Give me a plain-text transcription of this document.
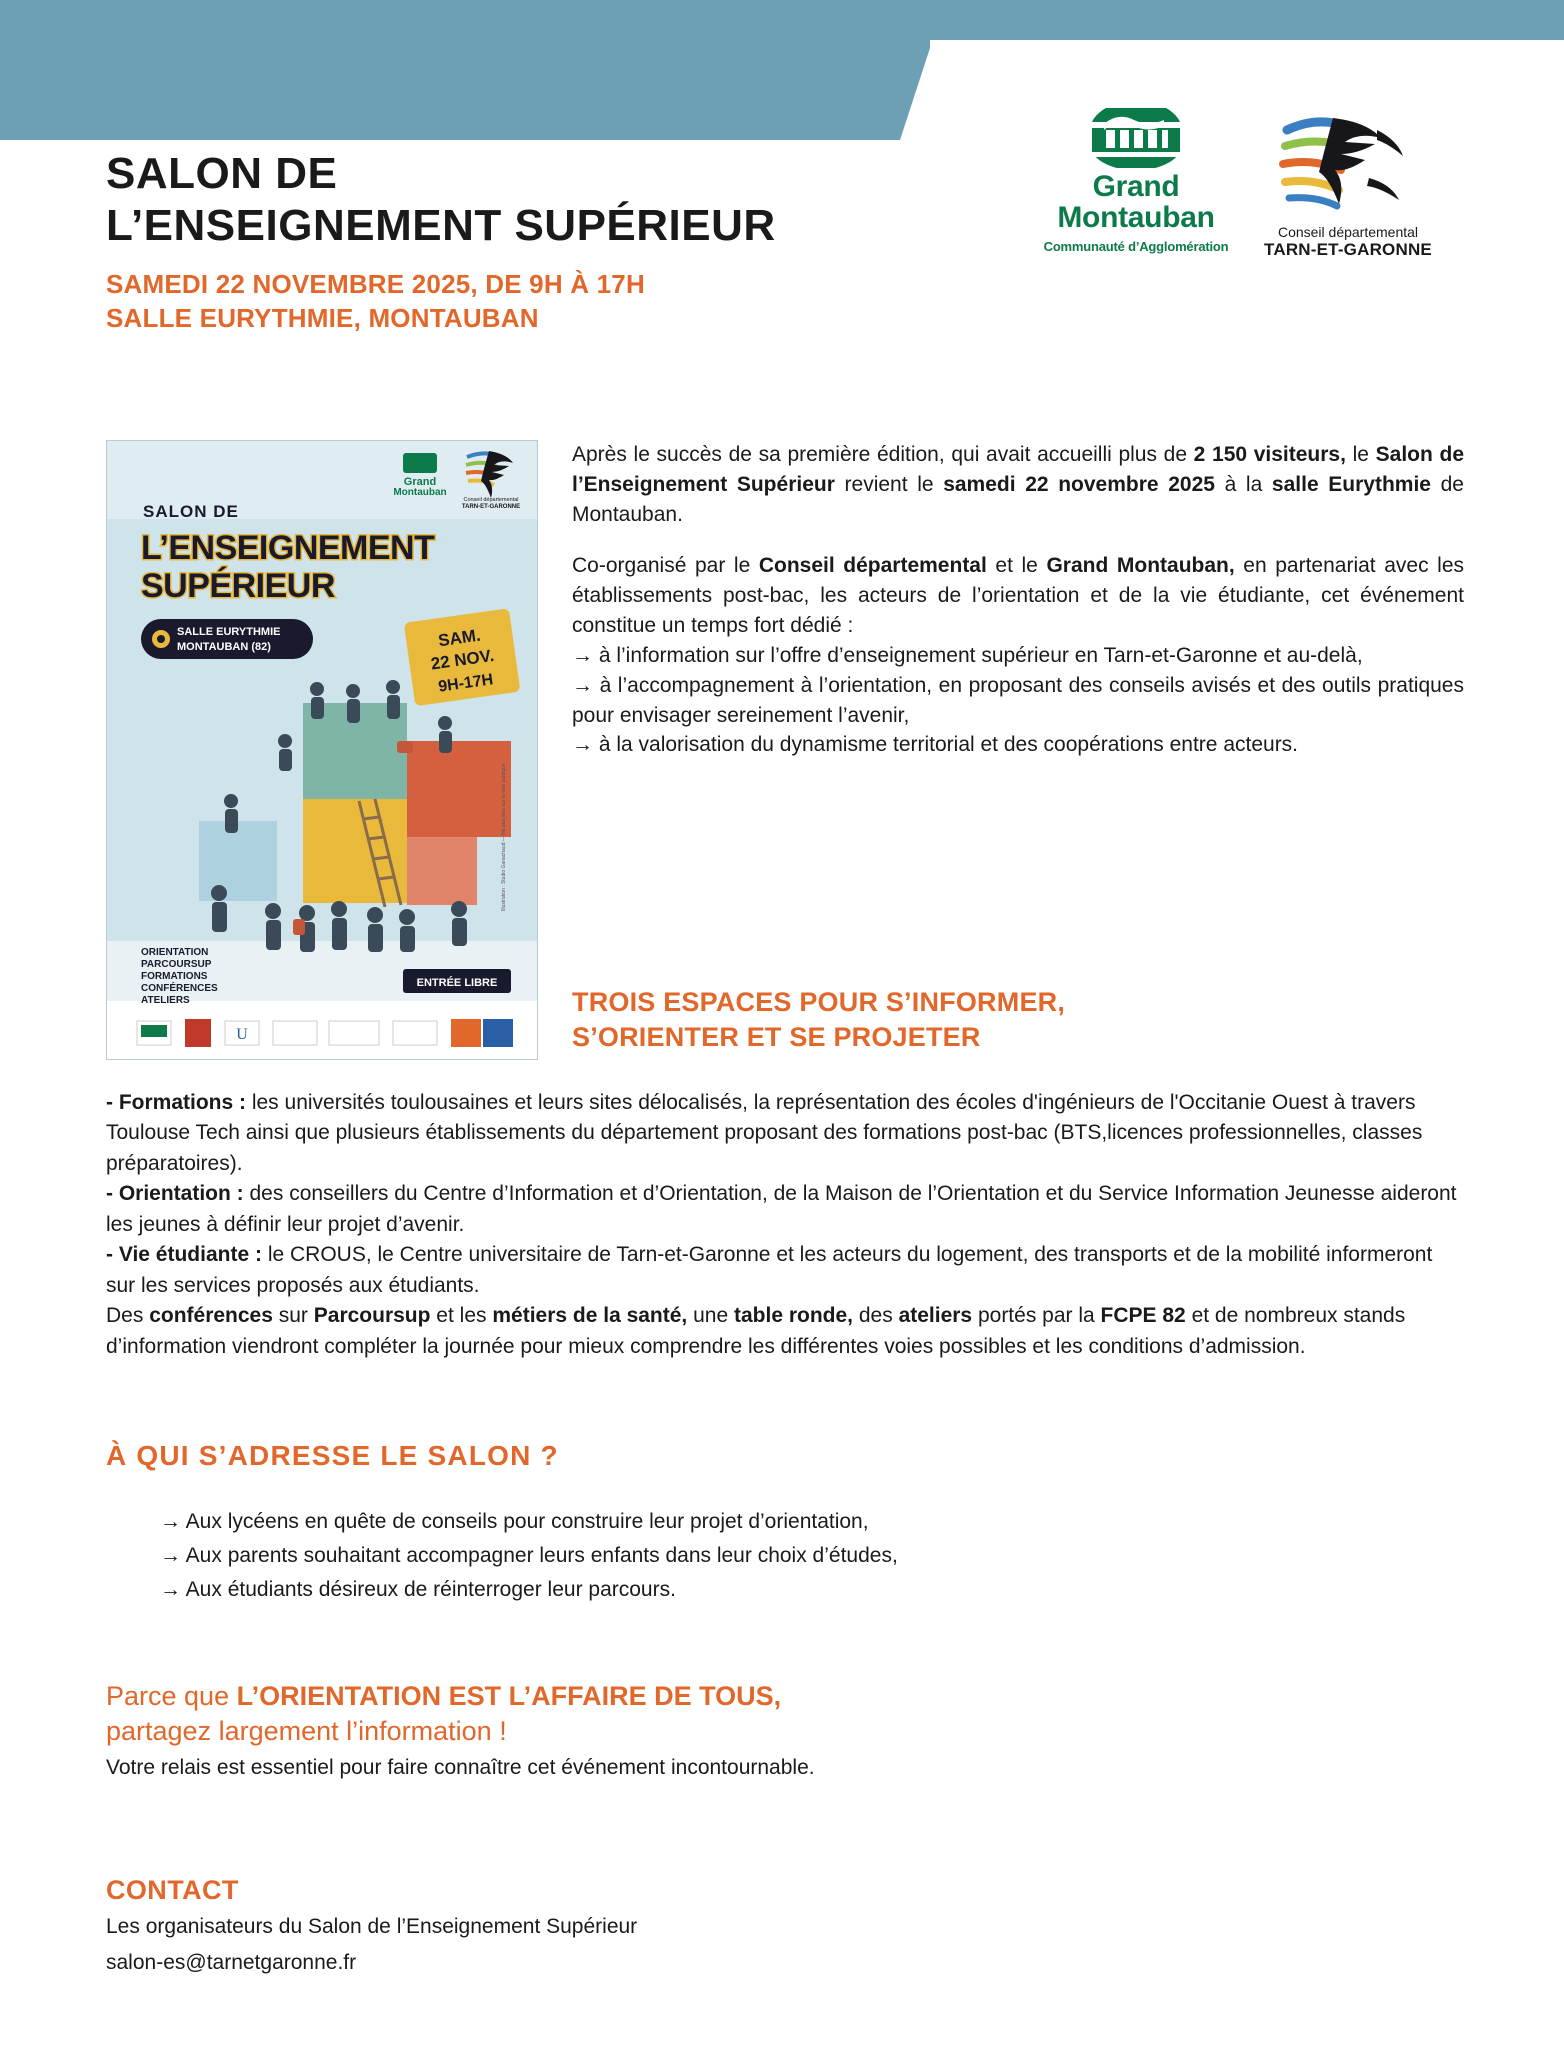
SALON DE
L’ENSEIGNEMENT SUPÉRIEUR
SAMEDI 22 NOVEMBRE 2025, DE 9H À 17H
SALLE EURYTHMIE, MONTAUBAN
Grand
Montauban
Communauté d’Agglomération
Conseil départemental
TARN-ET-GARONNE
Grand
Montauban
Conseil départemental
TARN-ET-GARONNE
SALON DE
L’ENSEIGNEMENT
SUPÉRIEUR
SALLE EURYTHMIE
MONTAUBAN (82)	SAM.
22 NOV.
9H-17H
ORIENTATION
PARCOURSUP
FORMATIONS
CONFÉRENCES
ATELIERS
ENTRÉE LIBRE
Illustration : Studio Ganachaud — Ne pas jeter sur la voie publique
U

Après le succès de sa première édition, qui avait accueilli plus de 2 150 visiteurs, le Salon de l’Enseignement Supérieur revient le samedi 22 novembre 2025 à la salle Eurythmie de Montauban.

Co-organisé par le Conseil départemental et le Grand Montauban, en partenariat avec les établissements post-bac, les acteurs de l’orientation et de la vie étudiante, cet événement constitue un temps fort dédié :

→ à l’information sur l’offre d’enseignement supérieur en Tarn-et-Garonne et au-delà,

→ à l’accompagnement à l’orientation, en proposant des conseils avisés et des outils pratiques pour envisager sereinement l’avenir,

→ à la valorisation du dynamisme territorial et des coopérations entre acteurs.

TROIS ESPACES POUR S’INFORMER,
S’ORIENTER ET SE PROJETER

- Formations : les universités toulousaines et leurs sites délocalisés, la représentation des écoles d'ingénieurs de l'Occitanie Ouest à travers Toulouse Tech ainsi que plusieurs établissements du département proposant des formations post-bac (BTS,licences professionnelles, classes préparatoires).

- Orientation : des conseillers du Centre d’Information et d’Orientation, de la Maison de l’Orientation et du Service Information Jeunesse aideront les jeunes à définir leur projet d’avenir.

- Vie étudiante : le CROUS, le Centre universitaire de Tarn-et-Garonne et les acteurs du logement, des transports et de la mobilité informeront sur les services proposés aux étudiants.

Des conférences sur Parcoursup et les métiers de la santé, une table ronde, des ateliers portés par la FCPE 82 et de nombreux stands d’information viendront compléter la journée pour mieux comprendre les différentes voies possibles et les conditions d’admission.

À QUI S’ADRESSE LE SALON ?
→ Aux lycéens en quête de conseils pour construire leur projet d’orientation,
→ Aux parents souhaitant accompagner leurs enfants dans leur choix d’études,
→ Aux étudiants désireux de réinterroger leur parcours.
Parce que L’ORIENTATION EST L’AFFAIRE DE TOUS,
partagez largement l’information !
Votre relais est essentiel pour faire connaître cet événement incontournable.
CONTACT
Les organisateurs du Salon de l’Enseignement Supérieur
salon-es@tarnetgaronne.fr
